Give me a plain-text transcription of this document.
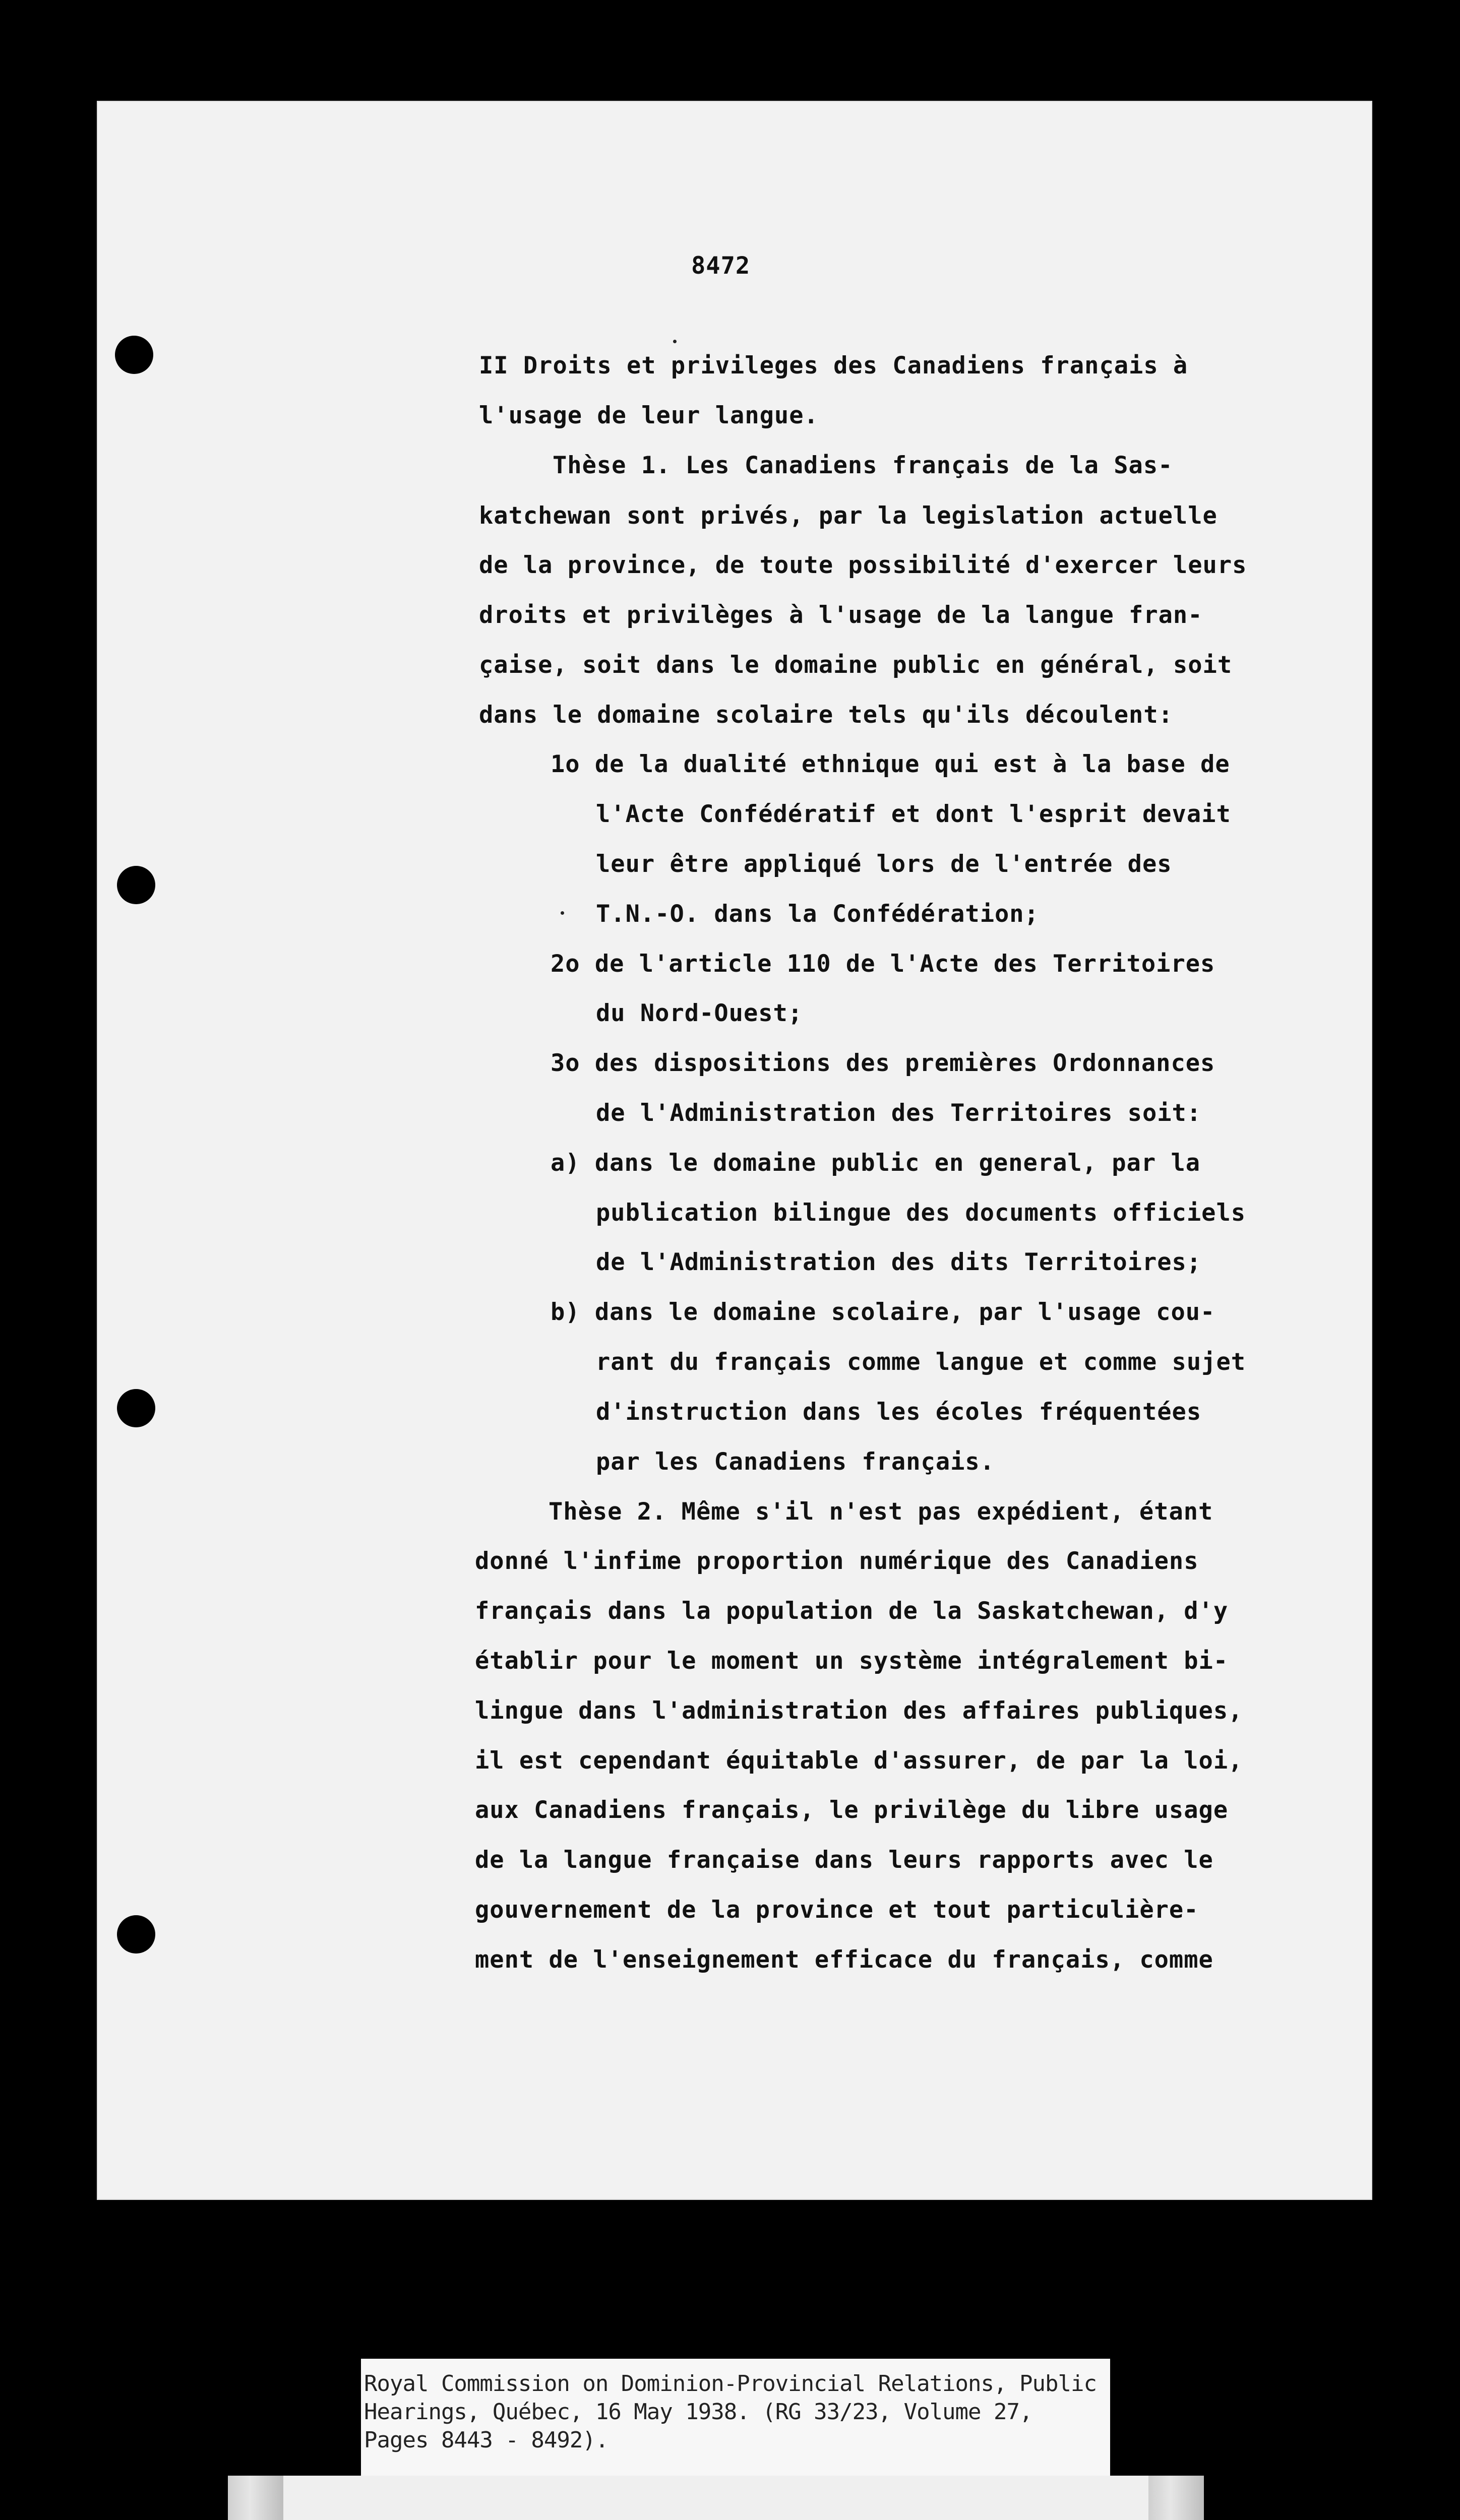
8472
II Droits et privileges des Canadiens français à
l'usage de leur langue.
Thèse 1. Les Canadiens français de la Sas-
katchewan sont privés, par la legislation actuelle
de la province, de toute possibilité d'exercer leurs
droits et privilèges à l'usage de la langue fran-
çaise, soit dans le domaine public en général, soit
dans le domaine scolaire tels qu'ils découlent:
1o de la dualité ethnique qui est à la base de
l'Acte Confédératif et dont l'esprit devait
leur être appliqué lors de l'entrée des
T.N.-O. dans la Confédération;
2o de l'article 110 de l'Acte des Territoires
du Nord-Ouest;
3o des dispositions des premières Ordonnances
de l'Administration des Territoires soit:
a) dans le domaine public en general, par la
publication bilingue des documents officiels
de l'Administration des dits Territoires;
b) dans le domaine scolaire, par l'usage cou-
rant du français comme langue et comme sujet
d'instruction dans les écoles fréquentées
par les Canadiens français.
Thèse 2. Même s'il n'est pas expédient, étant
donné l'infime proportion numérique des Canadiens
français dans la population de la Saskatchewan, d'y
établir pour le moment un système intégralement bi-
lingue dans l'administration des affaires publiques,
il est cependant équitable d'assurer, de par la loi,
aux Canadiens français, le privilège du libre usage
de la langue française dans leurs rapports avec le
gouvernement de la province et tout particulière-
ment de l'enseignement efficace du français, comme
Royal Commission on Dominion-Provincial Relations, Public
Hearings, Québec, 16 May 1938. (RG 33/23, Volume 27,
Pages 8443 - 8492).
